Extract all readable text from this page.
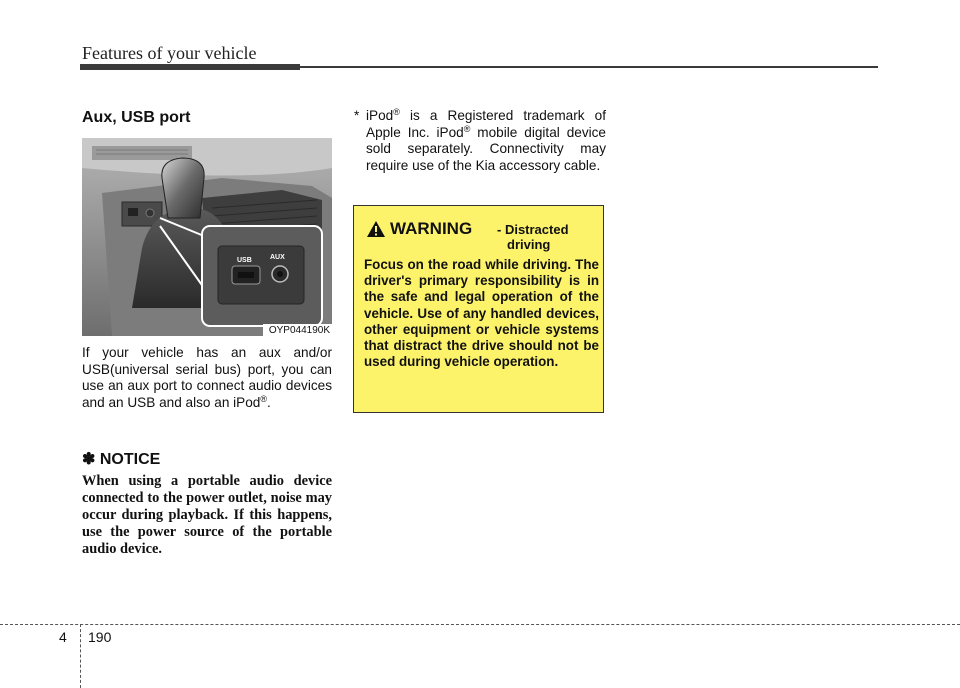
Features of your vehicle
Aux, USB port
USB	AUX
OYP044190K
If your vehicle has an aux and/or USB(universal serial bus) port, you can use an aux port to connect audio devices and an USB and also an iPod®.
✽ NOTICE
When using a portable audio device connected to the power outlet, noise may occur during playback. If this happens, use the power source of the portable audio device.
* iPod® is a Registered trademark of Apple Inc. iPod® mobile digital device sold separately. Connectivity may require use of the Kia accessory cable.
WARNING - Distracted
driving
Focus on the road while driving. The driver's primary responsibility is in the safe and legal operation of the vehicle. Use of any handled devices, other equipment or vehicle systems that distract the drive should not be used during vehicle operation.
4 190
